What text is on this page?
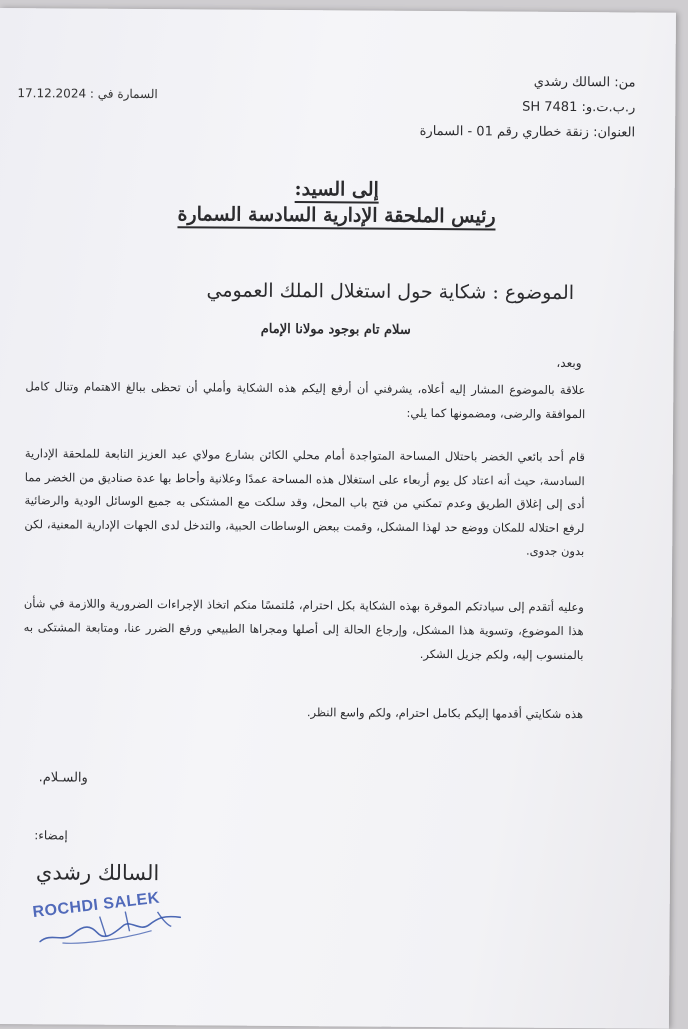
من: السالك رشدي
ر.ب.ت.و: SH 7481
العنوان: زنقة خطاري رقم 01 - السمارة
السمارة في : 17.12.2024
إلى السيد:
رئيس الملحقة الإدارية السادسة السمارة
الموضوع : شكاية حول استغلال الملك العمومي
سلام تام بوجود مولانا الإمام
وبعد،
علاقة بالموضوع المشار إليه أعلاه، يشرفني أن أرفع إليكم هذه الشكاية وأملي أن تحظى ببالغ الاهتمام وتنال كامل الموافقة والرضى، ومضمونها كما يلي:
قام أحد بائعي الخضر باحتلال المساحة المتواجدة أمام محلي الكائن بشارع مولاي عبد العزيز التابعة للملحقة الإدارية السادسة، حيث أنه اعتاد كل يوم أربعاء على استغلال هذه المساحة عمدًا وعلانية وأحاط بها عدة صناديق من الخضر مما أدى إلى إغلاق الطريق وعدم تمكني من فتح باب المحل، وقد سلكت مع المشتكى به جميع الوسائل الودية والرضائية لرفع احتلاله للمكان ووضع حد لهذا المشكل، وقمت ببعض الوساطات الحبية، والتدخل لدى الجهات الإدارية المعنية، لكن بدون جدوى.
وعليه أتقدم إلى سيادتكم الموقرة بهذه الشكاية بكل احترام، مُلتمسًا منكم اتخاذ الإجراءات الضرورية واللازمة في شأن هذا الموضوع، وتسوية هذا المشكل، وإرجاع الحالة إلى أصلها ومجراها الطبيعي ورفع الضرر عنا، ومتابعة المشتكى به بالمنسوب إليه، ولكم جزيل الشكر.
هذه شكايتي أقدمها إليكم بكامل احترام، ولكم واسع النظر.
والسـلام.
إمضاء:
السالك رشدي
ROCHDI SALEK
